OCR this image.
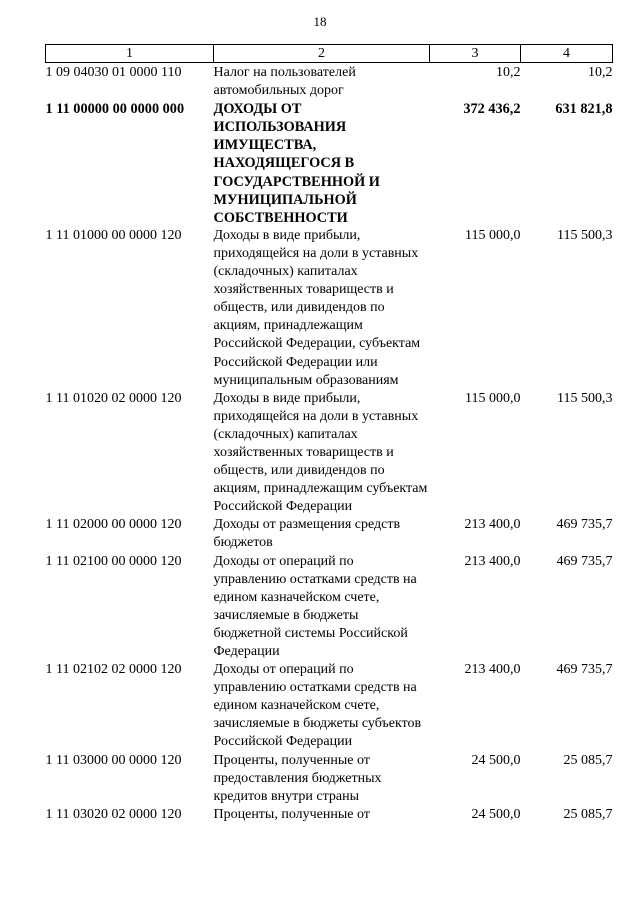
18
1	2	3	4
1 09 04030 01 0000 110	Налог на пользователей автомобильных дорог	10,2	10,2
1 11 00000 00 0000 000	ДОХОДЫ ОТ ИСПОЛЬЗОВАНИЯ ИМУЩЕСТВА, НАХОДЯЩЕГОСЯ В ГОСУДАРСТВЕННОЙ И МУНИЦИПАЛЬНОЙ СОБСТВЕННОСТИ	372 436,2	631 821,8
1 11 01000 00 0000 120	Доходы в виде прибыли, приходящейся на доли в уставных (складочных) капиталах хозяйственных товариществ и обществ, или дивидендов по акциям, принадлежащим Российской Федерации, субъектам Российской Федерации или муниципальным образованиям	115 000,0	115 500,3
1 11 01020 02 0000 120	Доходы в виде прибыли, приходящейся на доли в уставных (складочных) капиталах хозяйственных товариществ и обществ, или дивидендов по акциям, принадлежащим субъектам Российской Федерации	115 000,0	115 500,3
1 11 02000 00 0000 120	Доходы от размещения средств бюджетов	213 400,0	469 735,7
1 11 02100 00 0000 120	Доходы от операций по управлению остатками средств на едином казначейском счете, зачисляемые в бюджеты бюджетной системы Российской Федерации	213 400,0	469 735,7
1 11 02102 02 0000 120	Доходы от операций по управлению остатками средств на едином казначейском счете, зачисляемые в бюджеты субъектов Российской Федерации	213 400,0	469 735,7
1 11 03000 00 0000 120	Проценты, полученные от предоставления бюджетных кредитов внутри страны	24 500,0	25 085,7
1 11 03020 02 0000 120	Проценты, полученные от	24 500,0	25 085,7
